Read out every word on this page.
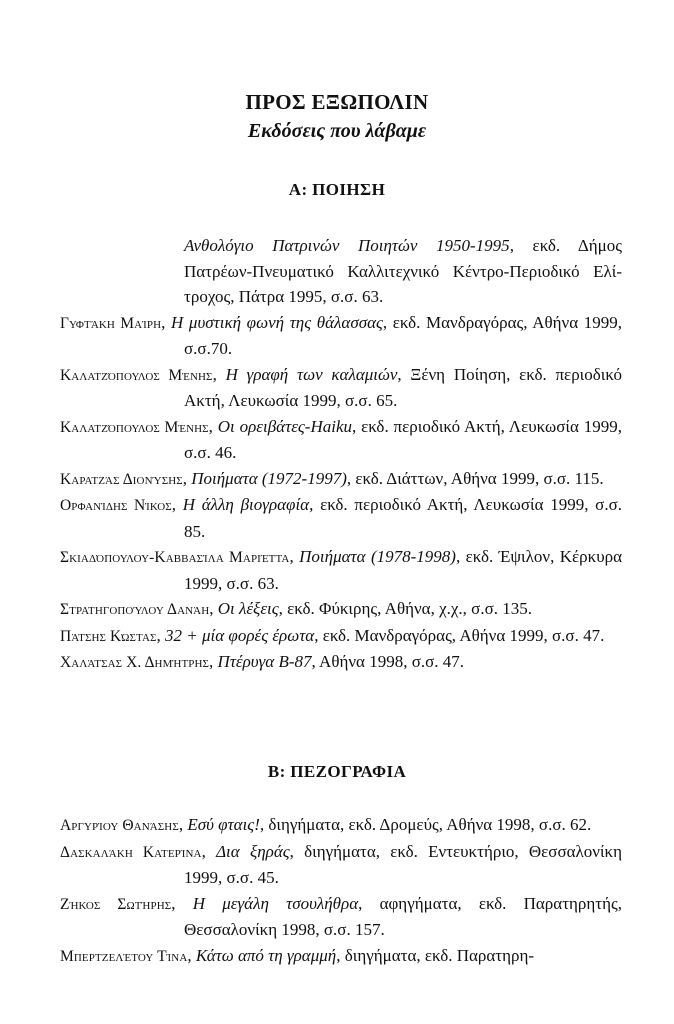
ΠΡΟΣ ΕΞΩΠΟΛΙΝ
Εκδόσεις που λάβαμε
Α: ΠΟΙΗΣΗ
Ανθολόγιο Πατρινών Ποιητών 1950-1995, εκδ. Δήμος Πατρέων-Πνευματικό Καλλιτεχνικό Κέντρο-Περιοδικό Ελί-τροχος, Πάτρα 1995, σ.σ. 63.
Γυφτάκη Μαίρη, Η μυστική φωνή της θάλασσας, εκδ. Μανδραγόρας, Αθήνα 1999, σ.σ.70.
Καλατζόπουλος Μένης, Η γραφή των καλαμιών, Ξένη Ποίηση, εκδ. περιοδικό Ακτή, Λευκωσία 1999, σ.σ. 65.
Καλατζόπουλος Μένης, Οι ορειβάτες-Haiku, εκδ. περιοδικό Ακτή, Λευκωσία 1999, σ.σ. 46.
Καρατζάς Διονύσης, Ποιήματα (1972-1997), εκδ. Διάττων, Αθήνα 1999, σ.σ. 115.
Ορφανίδης Νίκος, Η άλλη βιογραφία, εκδ. περιοδικό Ακτή, Λευκωσία 1999, σ.σ. 85.
Σκιαδόπουλου-Καββασίλα Μαριέττα, Ποιήματα (1978-1998), εκδ. Έψιλον, Κέρκυρα 1999, σ.σ. 63.
Στρατηγοπούλου Δανάη, Οι λέξεις, εκδ. Φύκιρης, Αθήνα, χ.χ., σ.σ. 135.
Πάτσης Κώστας, 32 + μία φορές έρωτα, εκδ. Μανδραγόρας, Αθήνα 1999, σ.σ. 47.
Χαλάτσας Χ. Δημήτρης, Πτέρυγα Β-87, Αθήνα 1998, σ.σ. 47.
Β: ΠΕΖΟΓΡΑΦΙΑ
Αργυρίου Θανάσης, Εσύ φταις!, διηγήματα, εκδ. Δρομεύς, Αθήνα 1998, σ.σ. 62.
Δασκαλάκη Κατερίνα, Δια ξηράς, διηγήματα, εκδ. Εντευκτήριο, Θεσσαλονίκη 1999, σ.σ. 45.
Ζήκος Σωτήρης, Η μεγάλη τσουλήθρα, αφηγήματα, εκδ. Παρατηρητής, Θεσσαλονίκη 1998, σ.σ. 157.
Μπερτζελέτου Τίνα, Κάτω από τη γραμμή, διηγήματα, εκδ. Παρατηρη-
